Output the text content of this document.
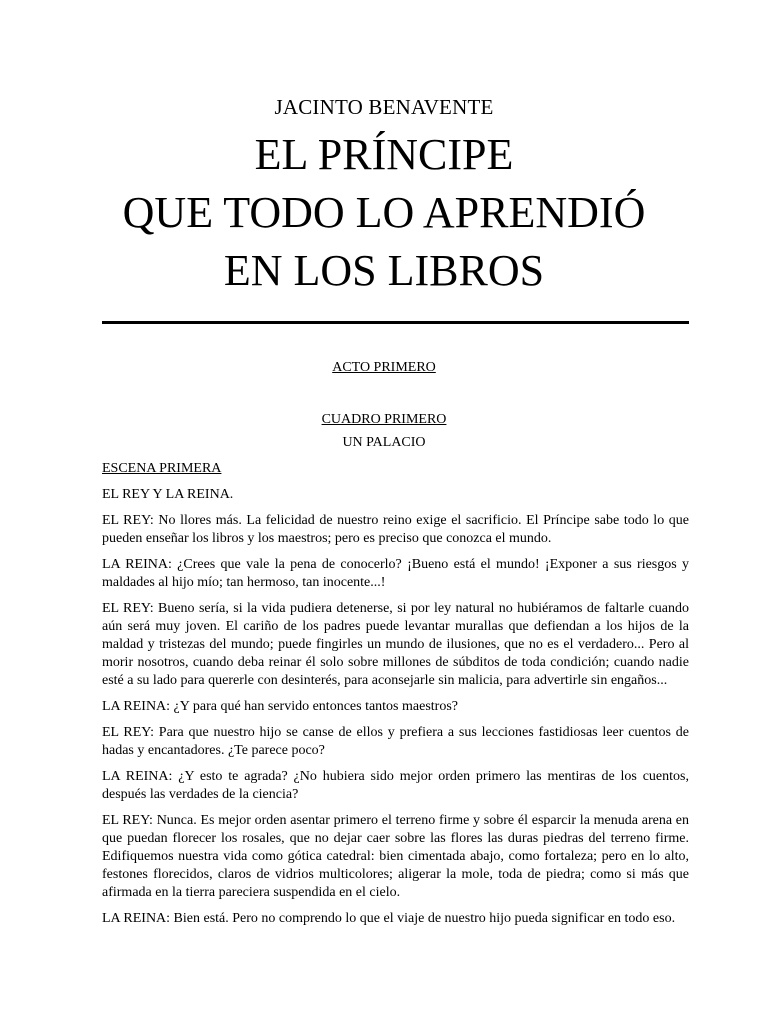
JACINTO BENAVENTE
EL PRÍNCIPE
QUE TODO LO APRENDIÓ
EN LOS LIBROS
ACTO PRIMERO
CUADRO PRIMERO
UN PALACIO

ESCENA PRIMERA

EL REY Y LA REINA.

EL REY: No llores más. La felicidad de nuestro reino exige el sacrificio. El Príncipe sabe todo lo que pueden enseñar los libros y los maestros; pero es preciso que conozca el mundo.

LA REINA: ¿Crees que vale la pena de conocerlo? ¡Bueno está el mundo! ¡Exponer a sus riesgos y maldades al hijo mío; tan hermoso, tan inocente...!

EL REY: Bueno sería, si la vida pudiera detenerse, si por ley natural no hubiéramos de faltarle cuando aún será muy joven. El cariño de los padres puede levantar murallas que defiendan a los hijos de la maldad y tristezas del mundo; puede fingirles un mundo de ilusiones, que no es el verdadero... Pero al morir nosotros, cuando deba reinar él solo sobre millones de súbditos de toda condición; cuando nadie esté a su lado para quererle con desinterés, para aconsejarle sin malicia, para advertirle sin engaños...

LA REINA: ¿Y para qué han servido entonces tantos maestros?

EL REY: Para que nuestro hijo se canse de ellos y prefiera a sus lecciones fastidiosas leer cuentos de hadas y encantadores. ¿Te parece poco?

LA REINA: ¿Y esto te agrada? ¿No hubiera sido mejor orden primero las mentiras de los cuentos, después las verdades de la ciencia?

EL REY: Nunca. Es mejor orden asentar primero el terreno firme y sobre él esparcir la menuda arena en que puedan florecer los rosales, que no dejar caer sobre las flores las duras piedras del terreno firme. Edifiquemos nuestra vida como gótica catedral: bien cimentada abajo, como fortaleza; pero en lo alto, festones florecidos, claros de vidrios multicolores; aligerar la mole, toda de piedra; como si más que afirmada en la tierra pareciera suspendida en el cielo.

LA REINA: Bien está. Pero no comprendo lo que el viaje de nuestro hijo pueda significar en todo eso.
